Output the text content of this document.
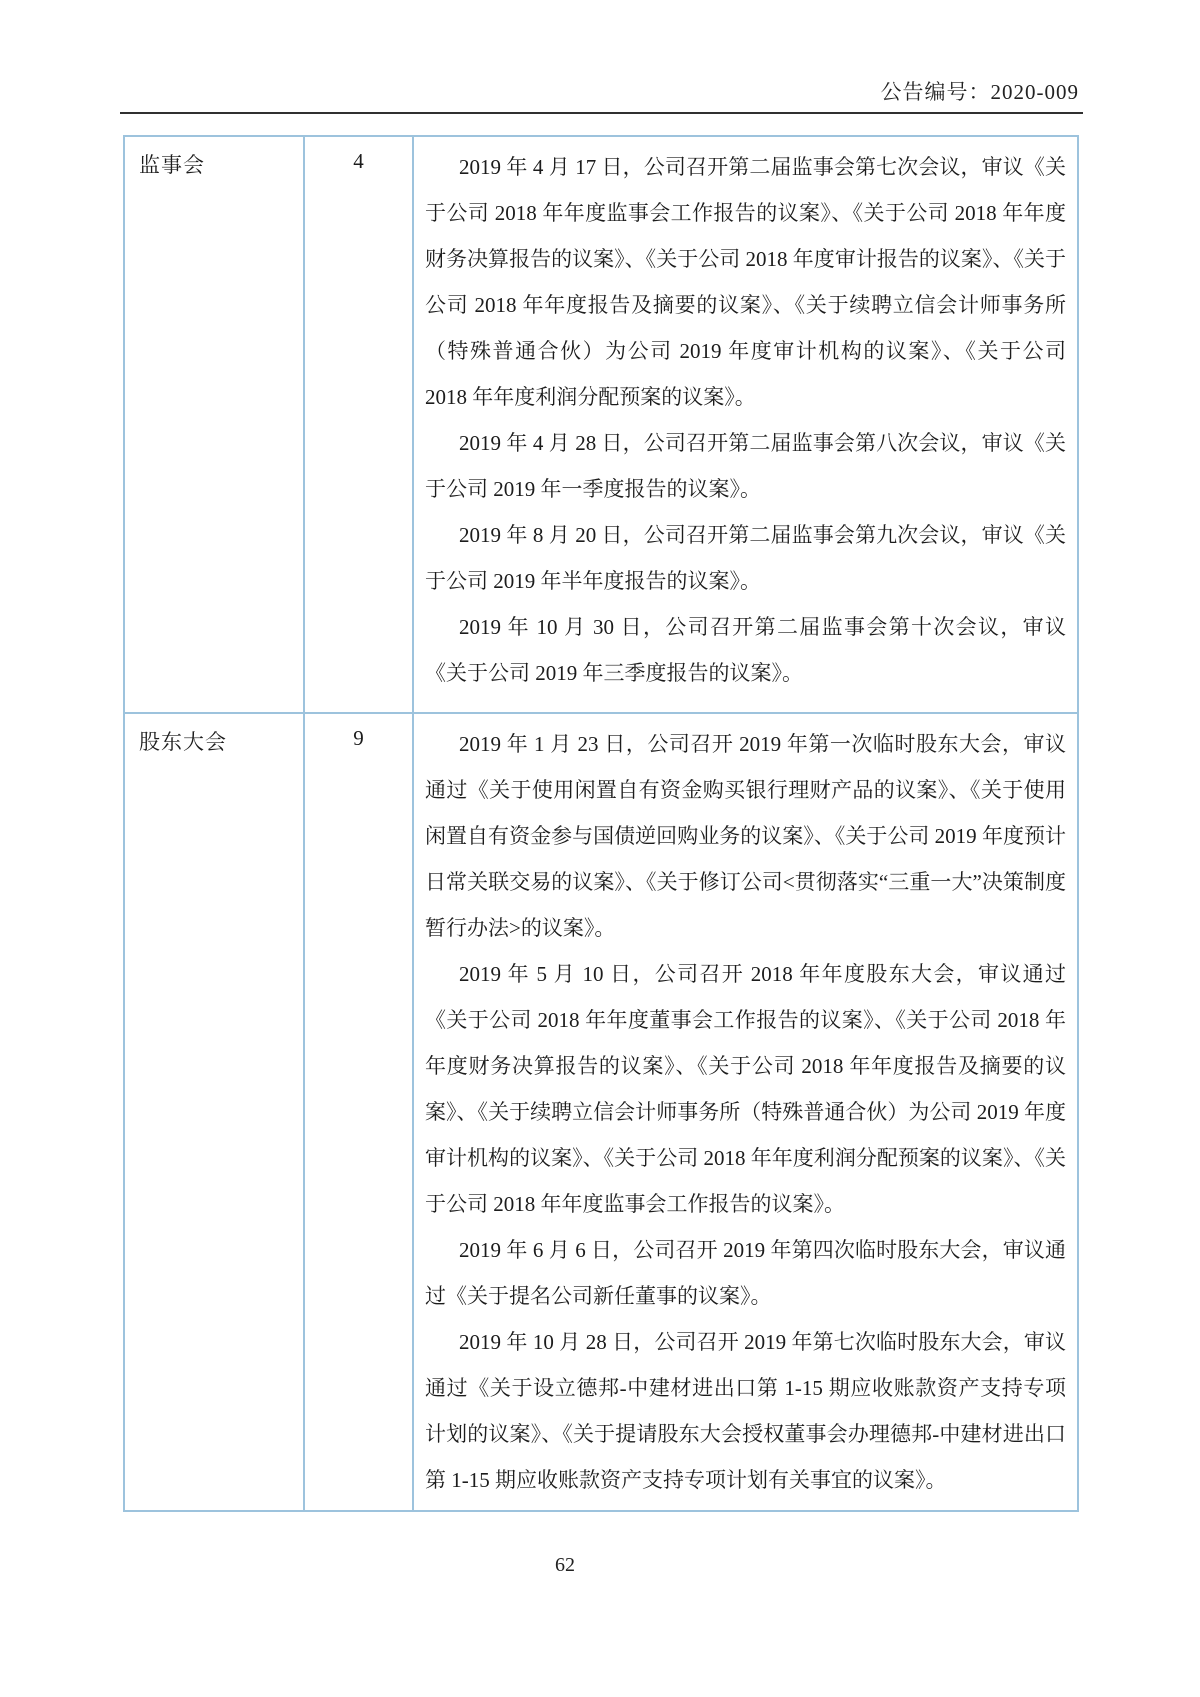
公告编号：2020-009
监事会	4	2019 年 4 月 17 日，公司召开第二届监事会第七次会议，审议《关于公司 2018 年年度监事会工作报告的议案》、《关于公司 2018 年年度财务决算报告的议案》、《关于公司 2018 年度审计报告的议案》、《关于公司 2018 年年度报告及摘要的议案》、《关于续聘立信会计师事务所（特殊普通合伙）为公司 2019 年度审计机构的议案》、《关于公司 2018 年年度利润分配预案的议案》。

2019 年 4 月 28 日，公司召开第二届监事会第八次会议，审议《关于公司 2019 年一季度报告的议案》。

2019 年 8 月 20 日，公司召开第二届监事会第九次会议，审议《关于公司 2019 年半年度报告的议案》。

2019 年 10 月 30 日，公司召开第二届监事会第十次会议，审议《关于公司 2019 年三季度报告的议案》。

股东大会	9	2019 年 1 月 23 日，公司召开 2019 年第一次临时股东大会，审议通过《关于使用闲置自有资金购买银行理财产品的议案》、《关于使用闲置自有资金参与国债逆回购业务的议案》、《关于公司 2019 年度预计日常关联交易的议案》、《关于修订公司<贯彻落实“三重一大”决策制度暂行办法>的议案》。

2019 年 5 月 10 日，公司召开 2018 年年度股东大会，审议通过《关于公司 2018 年年度董事会工作报告的议案》、《关于公司 2018 年年度财务决算报告的议案》、《关于公司 2018 年年度报告及摘要的议案》、《关于续聘立信会计师事务所（特殊普通合伙）为公司 2019 年度审计机构的议案》、《关于公司 2018 年年度利润分配预案的议案》、《关于公司 2018 年年度监事会工作报告的议案》。

2019 年 6 月 6 日，公司召开 2019 年第四次临时股东大会，审议通过《关于提名公司新任董事的议案》。

2019 年 10 月 28 日，公司召开 2019 年第七次临时股东大会，审议通过《关于设立德邦-中建材进出口第 1-15 期应收账款资产支持专项计划的议案》、《关于提请股东大会授权董事会办理德邦-中建材进出口第 1-15 期应收账款资产支持专项计划有关事宜的议案》。

62
